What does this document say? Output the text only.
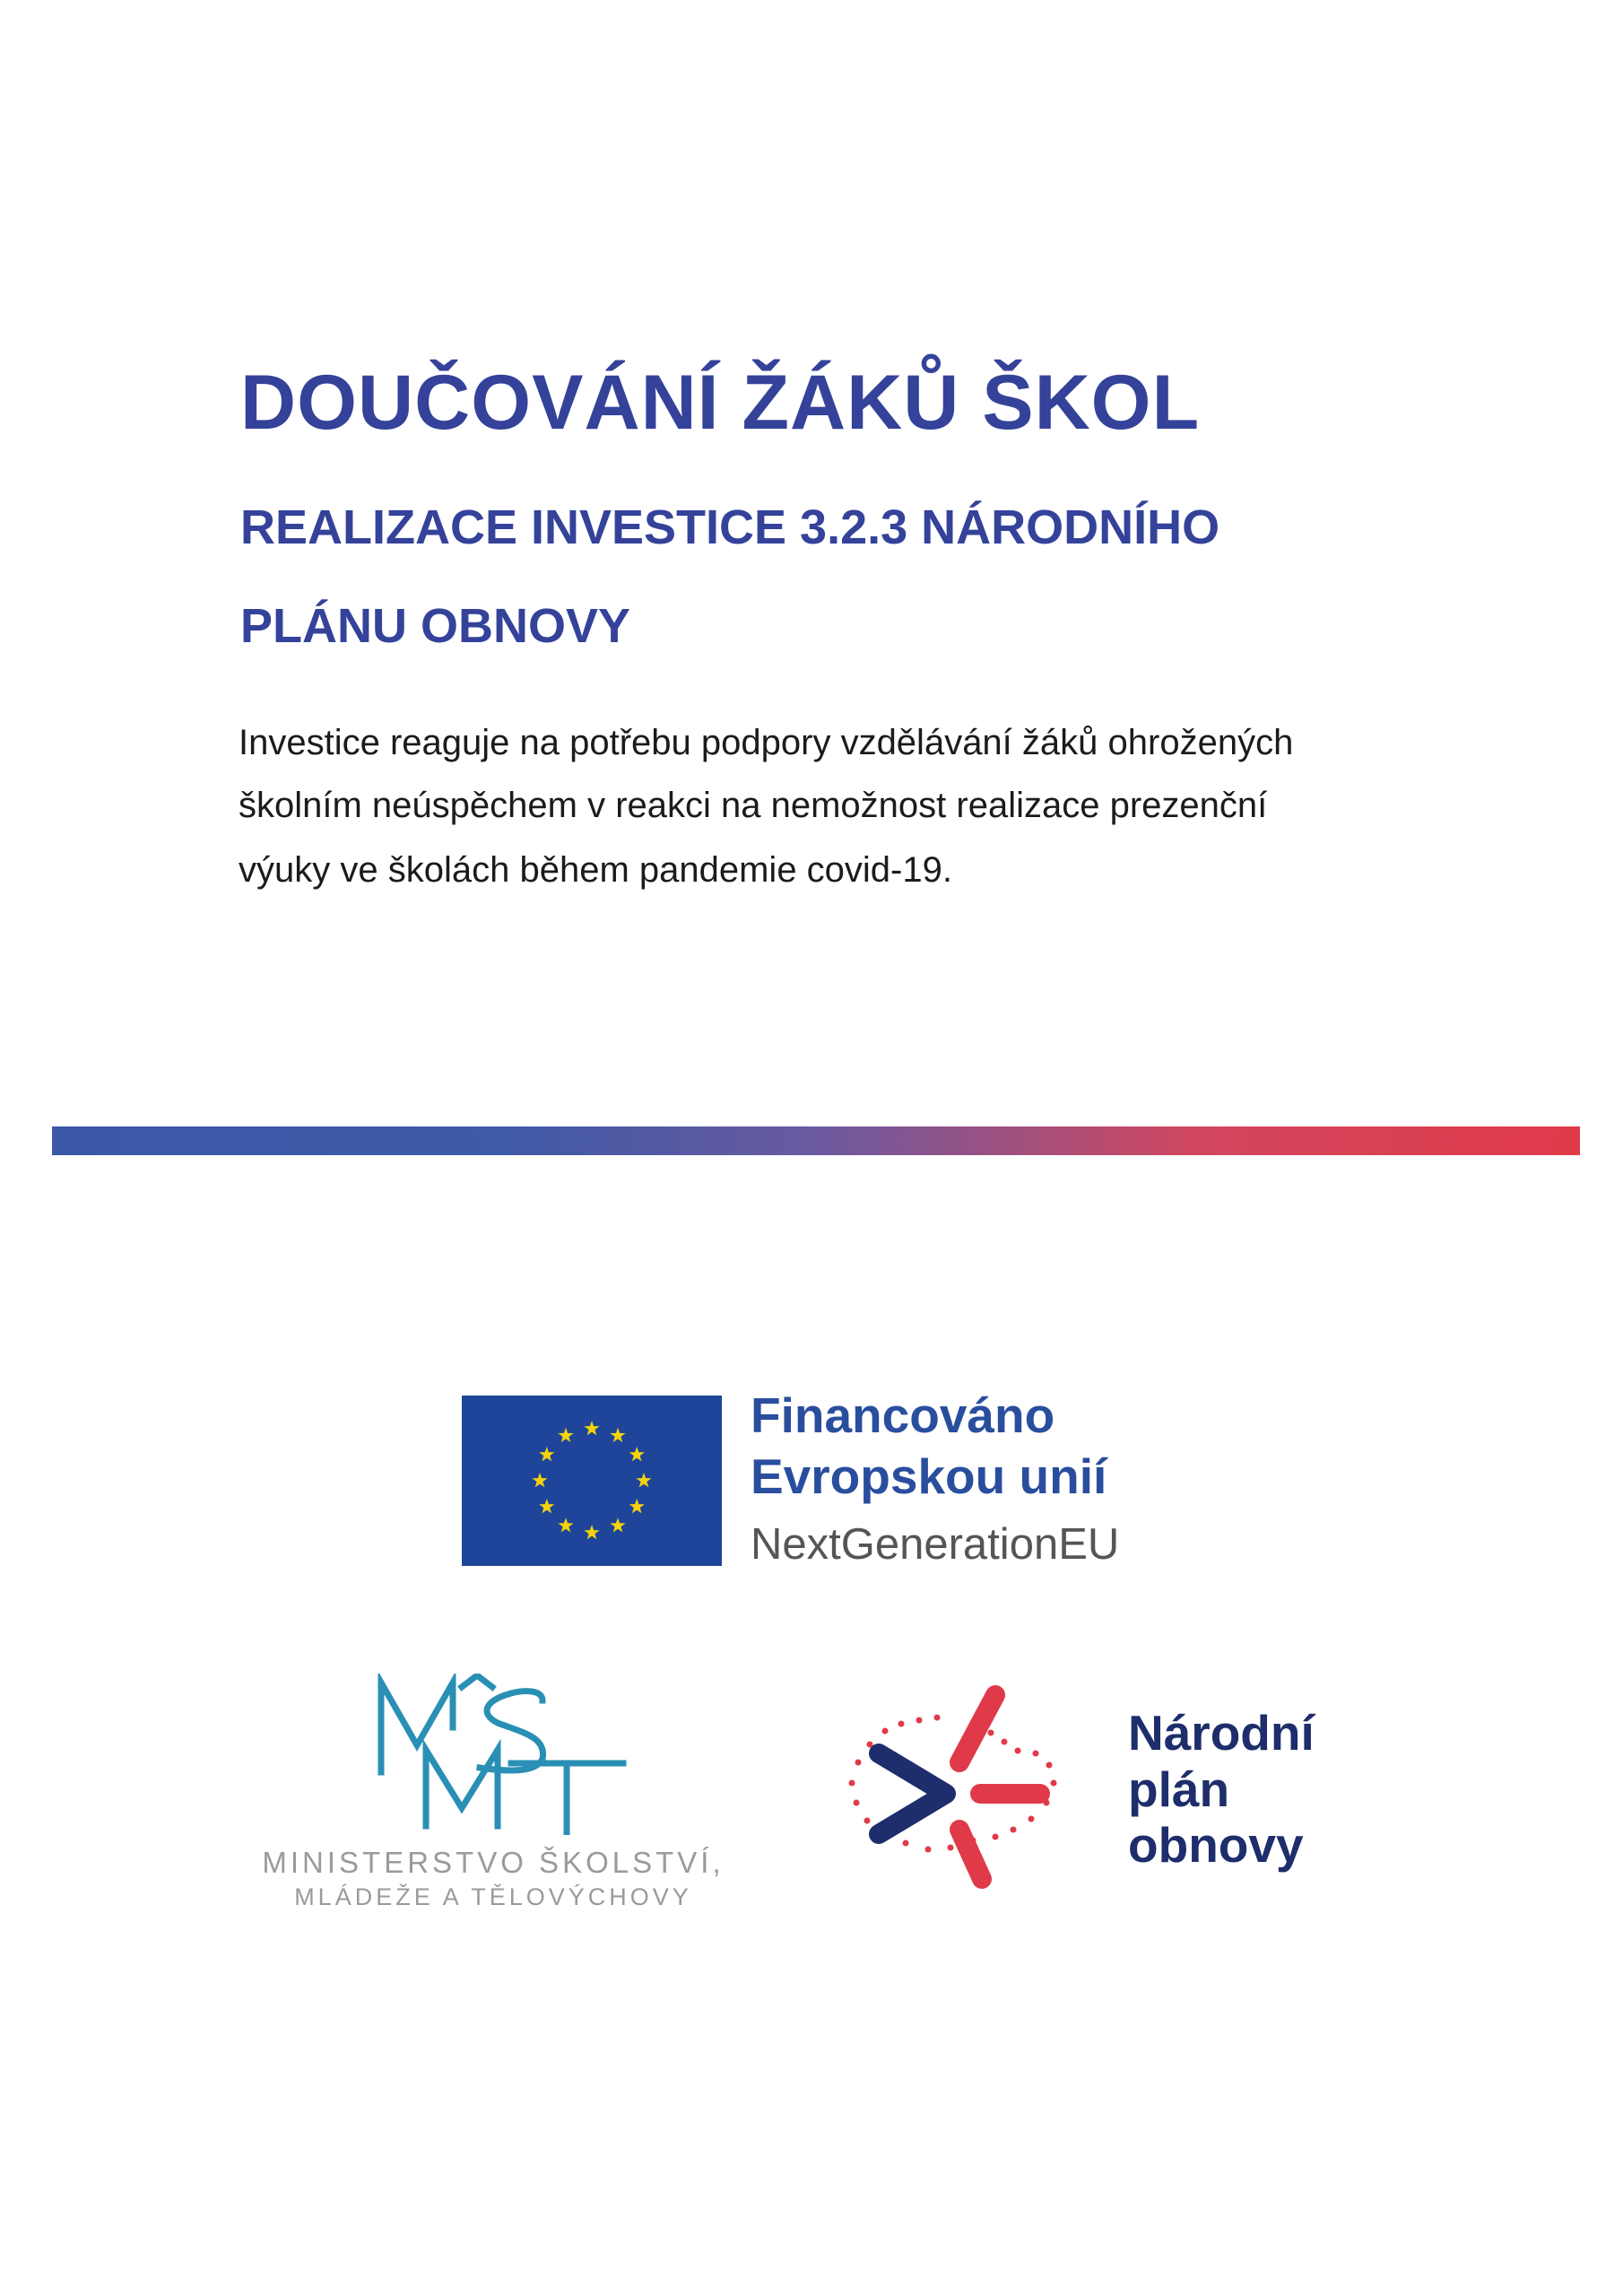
DOUČOVÁNÍ ŽÁKŮ ŠKOL
REALIZACE INVESTICE 3.2.3 NÁRODNÍHO
PLÁNU OBNOVY
Investice reaguje na potřebu podpory vzdělávání žáků ohrožených
školním neúspěchem v reakci na nemožnost realizace prezenční
výuky ve školách během pandemie covid-19.
Financováno
Evropskou unií
NextGenerationEU
MINISTERSTVO ŠKOLSTVÍ,
MLÁDEŽE A TĚLOVÝCHOVY
Národní
plán
obnovy
